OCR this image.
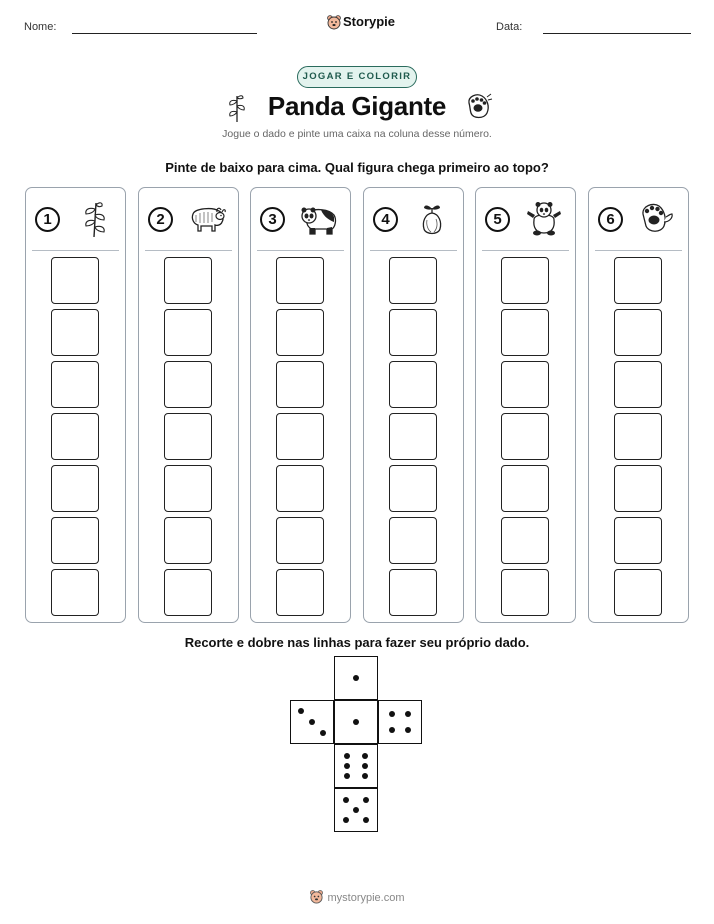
Nome:	Storypie	Data:
JOGAR E COLORIR
Panda Gigante
Jogue o dado e pinte uma caixa na coluna desse número.
Pinte de baixo para cima. Qual figura chega primeiro ao topo?
1	2	3	4	5	6
Recorte e dobre nas linhas para fazer seu próprio dado.
mystorypie.com
